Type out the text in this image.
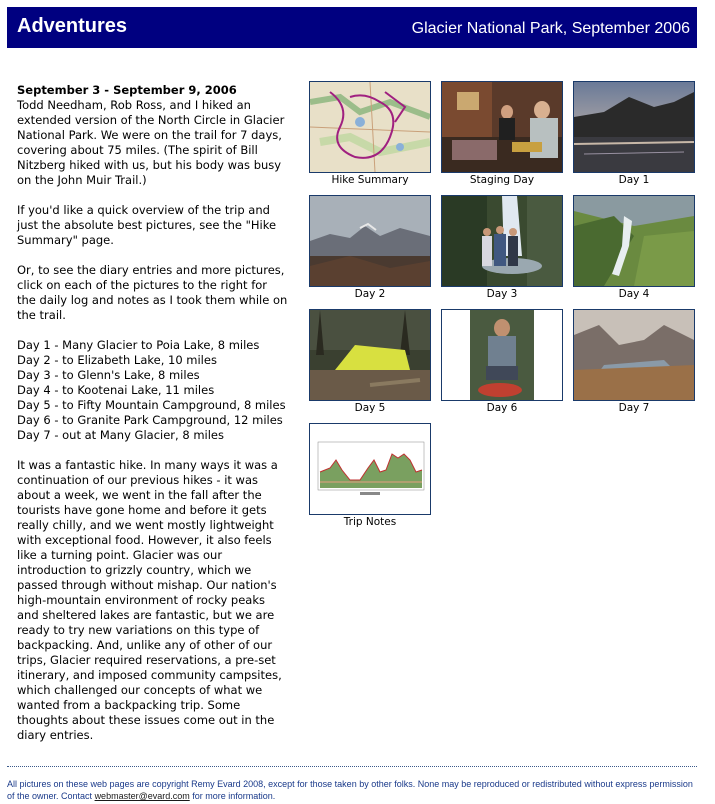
Adventures	Glacier National Park, September 2006

September 3 - September 9, 2006
Todd Needham, Rob Ross, and I hiked an extended version of the North Circle in Glacier National Park. We were on the trail for 7 days, covering about 75 miles. (The spirit of Bill Nitzberg hiked with us, but his body was busy on the John Muir Trail.)

If you'd like a quick overview of the trip and just the absolute best pictures, see the "Hike Summary" page.

Or, to see the diary entries and more pictures, click on each of the pictures to the right for the daily log and notes as I took them while on the trail.

Day 1 - Many Glacier to Poia Lake, 8 miles
Day 2 - to Elizabeth Lake, 10 miles
Day 3 - to Glenn's Lake, 8 miles
Day 4 - to Kootenai Lake, 11 miles
Day 5 - to Fifty Mountain Campground, 8 miles
Day 6 - to Granite Park Campground, 12 miles
Day 7 - out at Many Glacier, 8 miles

It was a fantastic hike. In many ways it was a continuation of our previous hikes - it was about a week, we went in the fall after the tourists have gone home and before it gets really chilly, and we went mostly lightweight with exceptional food. However, it also feels like a turning point. Glacier was our introduction to grizzly country, which we passed through without mishap. Our nation's high-mountain environment of rocky peaks and sheltered lakes are fantastic, but we are ready to try new variations on this type of backpacking. And, unlike any of other of our trips, Glacier required reservations, a pre-set itinerary, and imposed community campsites, which challenged our concepts of what we wanted from a backpacking trip. Some thoughts about these issues come out in the diary entries.

Hike Summary	Staging Day	Day 1
Day 2	Day 3	Day 4
Day 5	Day 6	Day 7
Trip Notes
All pictures on these web pages are copyright Remy Evard 2008, except for those taken by other folks. None may be reproduced or redistributed without express permission of the owner. Contact webmaster@evard.com for more information.
